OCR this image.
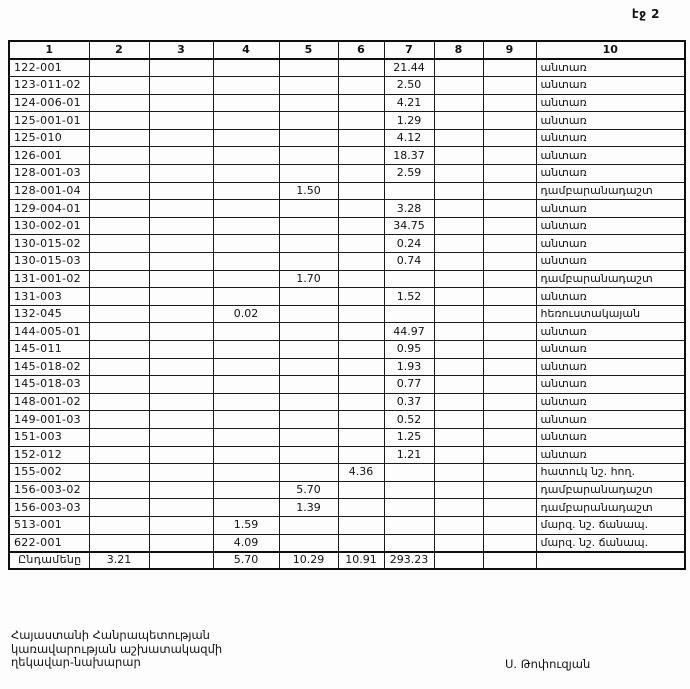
էջ 2
1	2	3	4	5	6	7	8	9	10
122-001						21.44			անտառ
123-011-02						2.50			անտառ
124-006-01						4.21			անտառ
125-001-01						1.29			անտառ
125-010						4.12			անտառ
126-001						18.37			անտառ
128-001-03						2.59			անտառ
128-001-04				1.50					դամբարանադաշտ
129-004-01						3.28			անտառ
130-002-01						34.75			անտառ
130-015-02						0.24			անտառ
130-015-03						0.74			անտառ
131-001-02				1.70					դամբարանադաշտ
131-003						1.52			անտառ
132-045			0.02						հեռուստակայան
144-005-01						44.97			անտառ
145-011						0.95			անտառ
145-018-02						1.93			անտառ
145-018-03						0.77			անտառ
148-001-02						0.37			անտառ
149-001-03						0.52			անտառ
151-003						1.25			անտառ
152-012						1.21			անտառ
155-002					4.36				հատուկ նշ. հող.
156-003-02				5.70					դամբարանադաշտ
156-003-03				1.39					դամբարանադաշտ
513-001			1.59						մարզ. նշ. ճանապ.
622-001			4.09						մարզ. նշ. ճանապ.
Ընդամենը	3.21		5.70	10.29	10.91	293.23			
Հայաստանի Հանրապետության
կառավարության աշխատակազմի
ղեկավար-նախարար	Ս. Թոփուզյան
